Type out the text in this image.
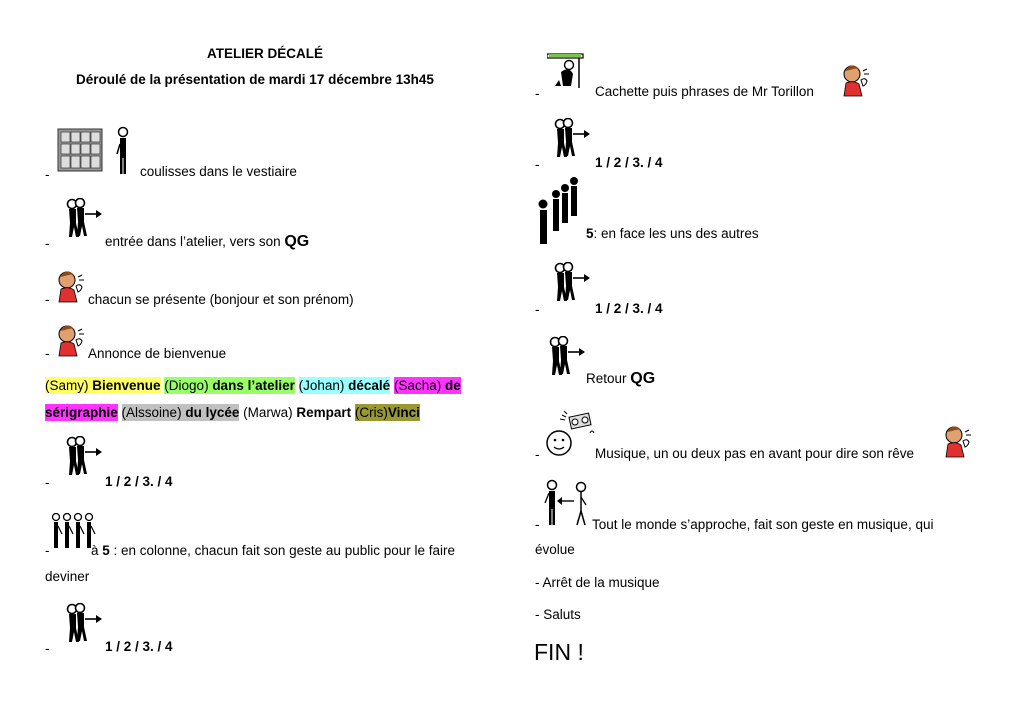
ATELIER DÉCALÉ
Déroulé de la présentation de mardi 17 décembre 13h45
-	coulisses dans le vestiaire
-	entrée dans l’atelier, vers son QG
-	chacun se présente (bonjour et son prénom)
-	Annonce de bienvenue
(Samy) Bienvenue (Diogo) dans l’atelier (Johan) décalé (Sacha) de
sérigraphie (Alssoine) du lycée (Marwa) Rempart (Cris)Vinci
-	1 / 2 / 3. / 4
-	à 5 : en colonne, chacun fait son geste au public pour le faire
deviner
-	1 / 2 / 3. / 4
-	Cachette puis phrases de Mr Torillon
-	1 / 2 / 3. / 4
5: en face les uns des autres
-	1 / 2 / 3. / 4
Retour QG
-	Musique, un ou deux pas en avant pour dire son rêve
-	Tout le monde s’approche, fait son geste en musique, qui
évolue
- Arrêt de la musique
- Saluts
FIN !
